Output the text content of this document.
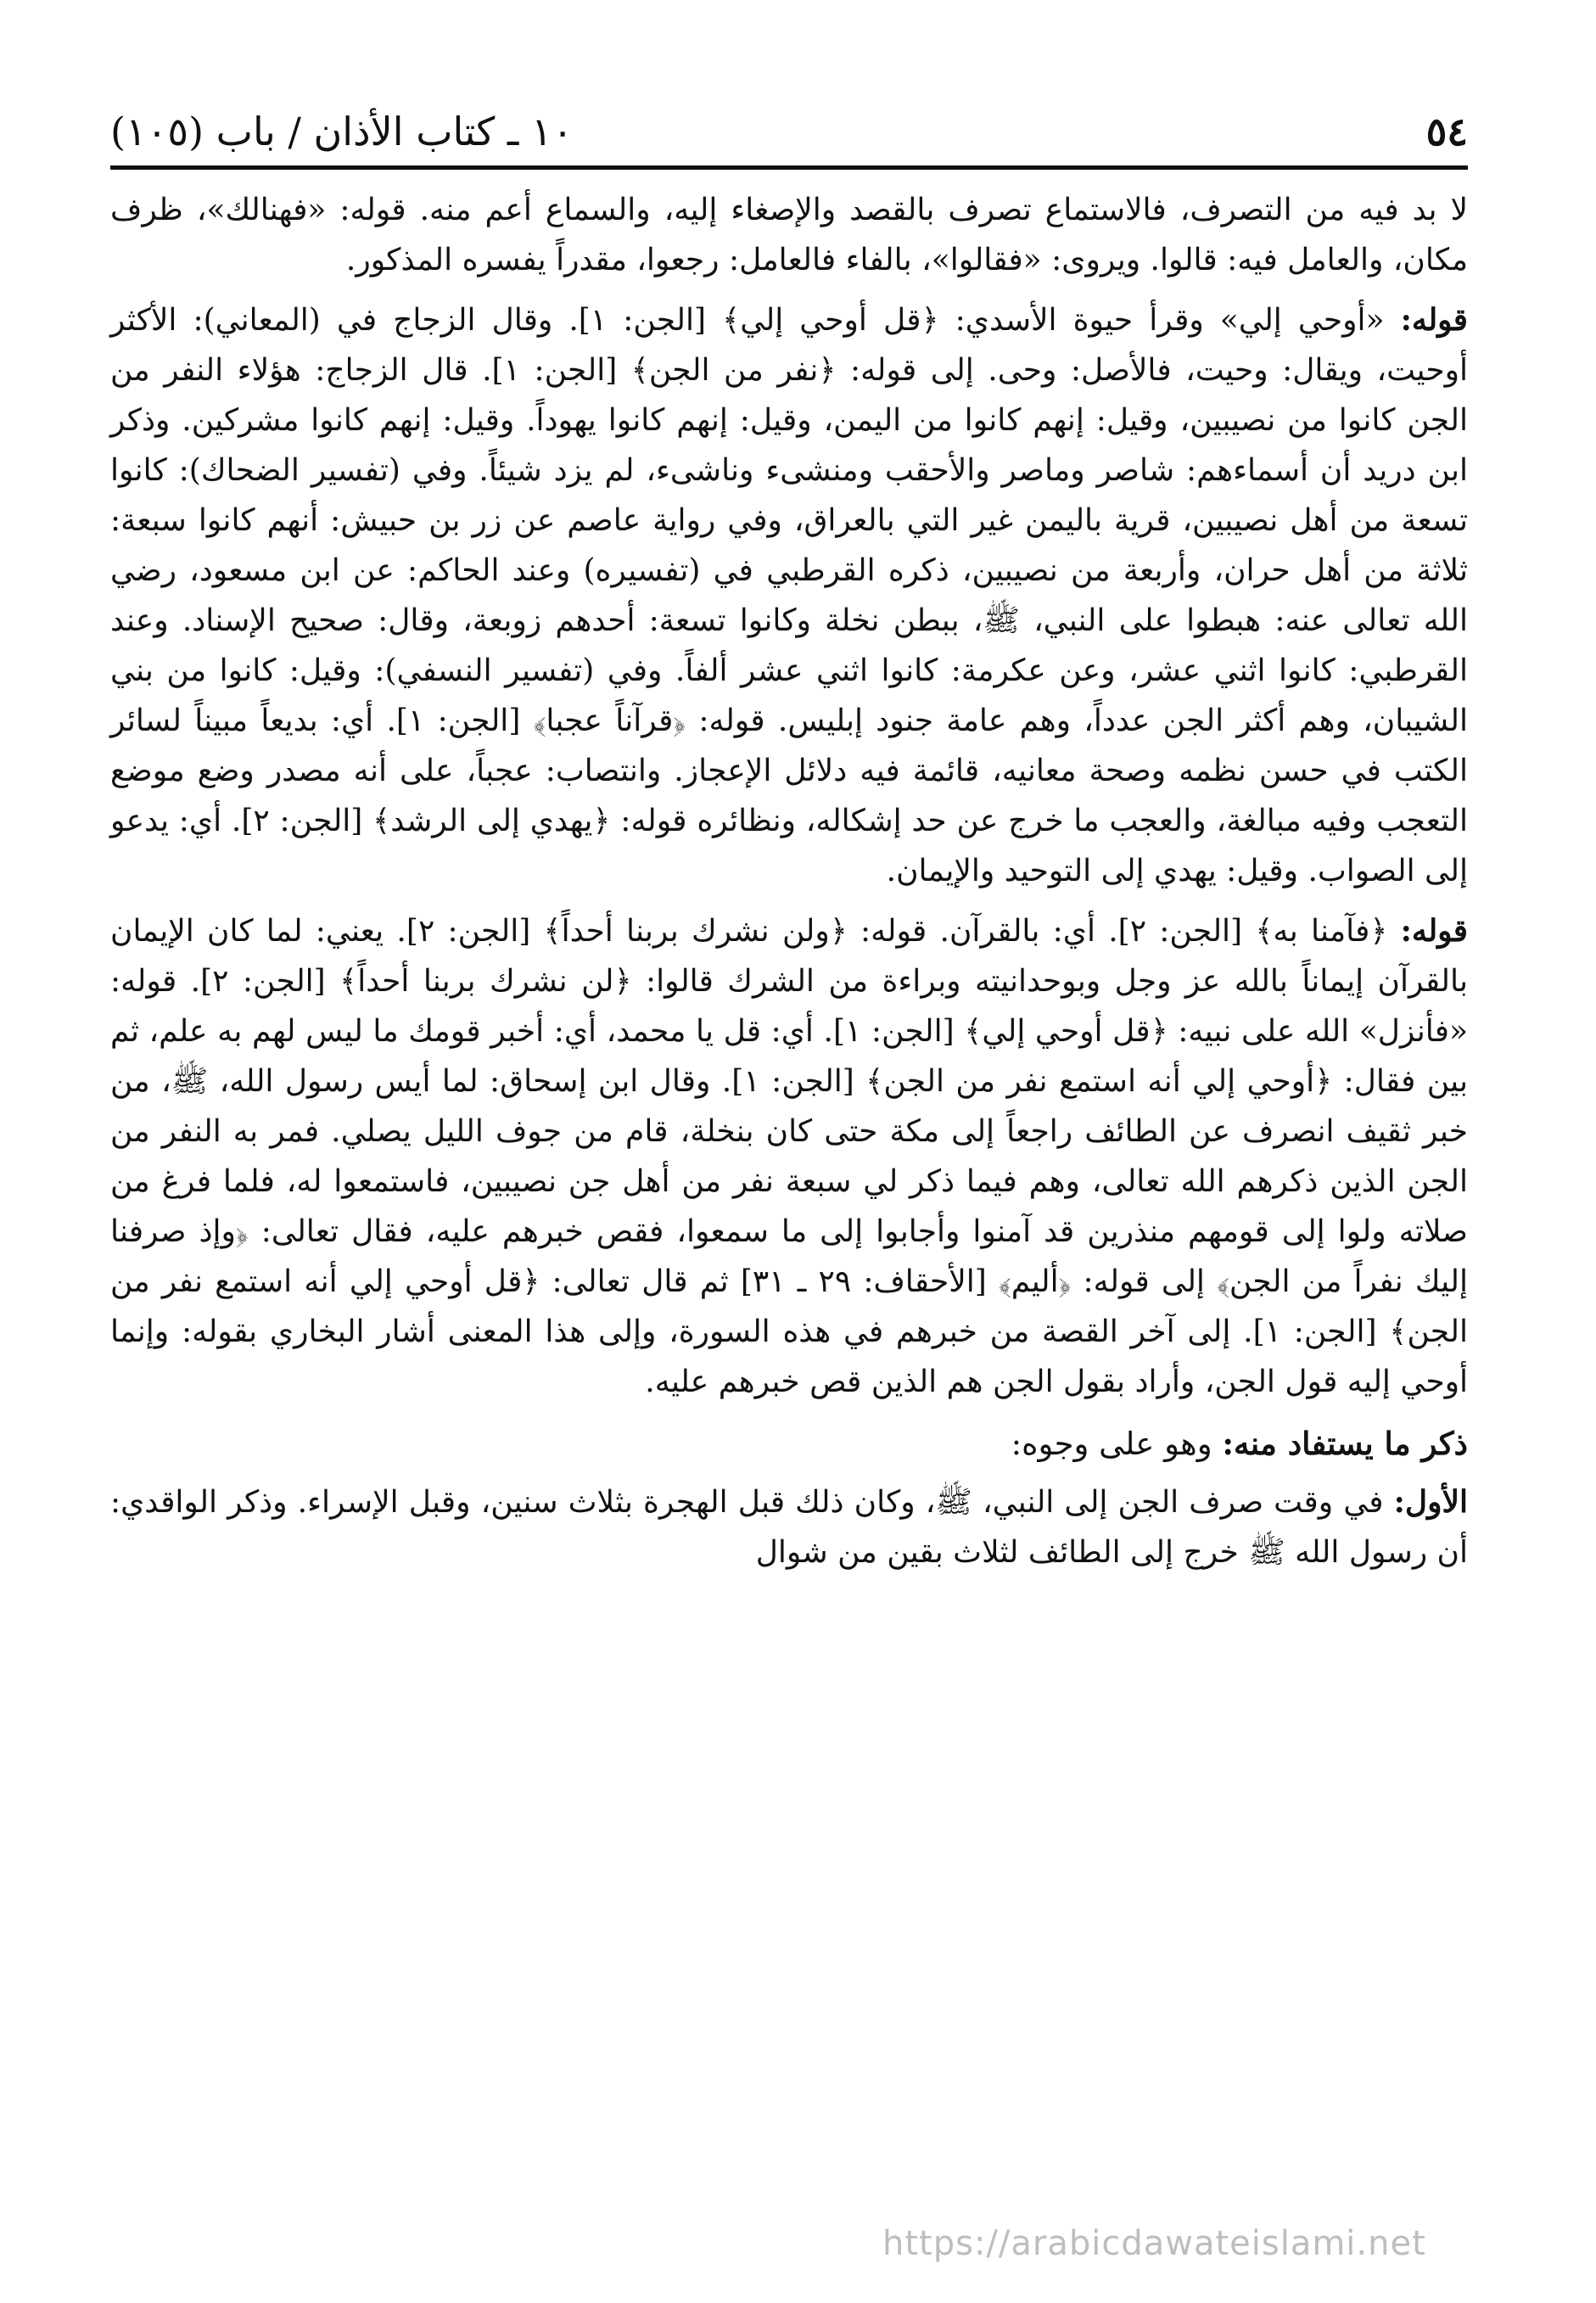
٥٤
١٠ ـ كتاب الأذان / باب (١٠٥)

لا بد فيه من التصرف، فالاستماع تصرف بالقصد والإصغاء إليه، والسماع أعم منه. قوله: «فهنالك»، ظرف مكان، والعامل فيه: قالوا. ويروى: «فقالوا»، بالفاء فالعامل: رجعوا، مقدراً يفسره المذكور.

قوله: «أوحي إلي» وقرأ حيوة الأسدي: ﴿قل أوحي إلي﴾ [الجن: ١]. وقال الزجاج في (المعاني): الأكثر أوحيت، ويقال: وحيت، فالأصل: وحى. إلى قوله: ﴿نفر من الجن﴾ [الجن: ١]. قال الزجاج: هؤلاء النفر من الجن كانوا من نصيبين، وقيل: إنهم كانوا من اليمن، وقيل: إنهم كانوا يهوداً. وقيل: إنهم كانوا مشركين. وذكر ابن دريد أن أسماءهم: شاصر وماصر والأحقب ومنشىء وناشىء، لم يزد شيئاً. وفي (تفسير الضحاك): كانوا تسعة من أهل نصيبين، قرية باليمن غير التي بالعراق، وفي رواية عاصم عن زر بن حبيش: أنهم كانوا سبعة: ثلاثة من أهل حران، وأربعة من نصيبين، ذكره القرطبي في (تفسيره) وعند الحاكم: عن ابن مسعود، رضي الله تعالى عنه: هبطوا على النبي، ﷺ، ببطن نخلة وكانوا تسعة: أحدهم زوبعة، وقال: صحيح الإسناد. وعند القرطبي: كانوا اثني عشر، وعن عكرمة: كانوا اثني عشر ألفاً. وفي (تفسير النسفي): وقيل: كانوا من بني الشيبان، وهم أكثر الجن عدداً، وهم عامة جنود إبليس. قوله: ﴿قرآناً عجبا﴾ [الجن: ١]. أي: بديعاً مبيناً لسائر الكتب في حسن نظمه وصحة معانيه، قائمة فيه دلائل الإعجاز. وانتصاب: عجباً، على أنه مصدر وضع موضع التعجب وفيه مبالغة، والعجب ما خرج عن حد إشكاله، ونظائره قوله: ﴿يهدي إلى الرشد﴾ [الجن: ٢]. أي: يدعو إلى الصواب. وقيل: يهدي إلى التوحيد والإيمان.

قوله: ﴿فآمنا به﴾ [الجن: ٢]. أي: بالقرآن. قوله: ﴿ولن نشرك بربنا أحداً﴾ [الجن: ٢]. يعني: لما كان الإيمان بالقرآن إيماناً بالله عز وجل وبوحدانيته وبراءة من الشرك قالوا: ﴿لن نشرك بربنا أحداً﴾ [الجن: ٢]. قوله: «فأنزل» الله على نبيه: ﴿قل أوحي إلي﴾ [الجن: ١]. أي: قل يا محمد، أي: أخبر قومك ما ليس لهم به علم، ثم بين فقال: ﴿أوحي إلي أنه استمع نفر من الجن﴾ [الجن: ١]. وقال ابن إسحاق: لما أيس رسول الله، ﷺ، من خبر ثقيف انصرف عن الطائف راجعاً إلى مكة حتى كان بنخلة، قام من جوف الليل يصلي. فمر به النفر من الجن الذين ذكرهم الله تعالى، وهم فيما ذكر لي سبعة نفر من أهل جن نصيبين، فاستمعوا له، فلما فرغ من صلاته ولوا إلى قومهم منذرين قد آمنوا وأجابوا إلى ما سمعوا، فقص خبرهم عليه، فقال تعالى: ﴿وإذ صرفنا إليك نفراً من الجن﴾ إلى قوله: ﴿أليم﴾ [الأحقاف: ٢٩ ـ ٣١] ثم قال تعالى: ﴿قل أوحي إلي أنه استمع نفر من الجن﴾ [الجن: ١]. إلى آخر القصة من خبرهم في هذه السورة، وإلى هذا المعنى أشار البخاري بقوله: وإنما أوحي إليه قول الجن، وأراد بقول الجن هم الذين قص خبرهم عليه.

ذكر ما يستفاد منه: وهو على وجوه:

الأول: في وقت صرف الجن إلى النبي، ﷺ، وكان ذلك قبل الهجرة بثلاث سنين، وقبل الإسراء. وذكر الواقدي: أن رسول الله ﷺ خرج إلى الطائف لثلاث بقين من شوال

https://arabicdawateislami.net
